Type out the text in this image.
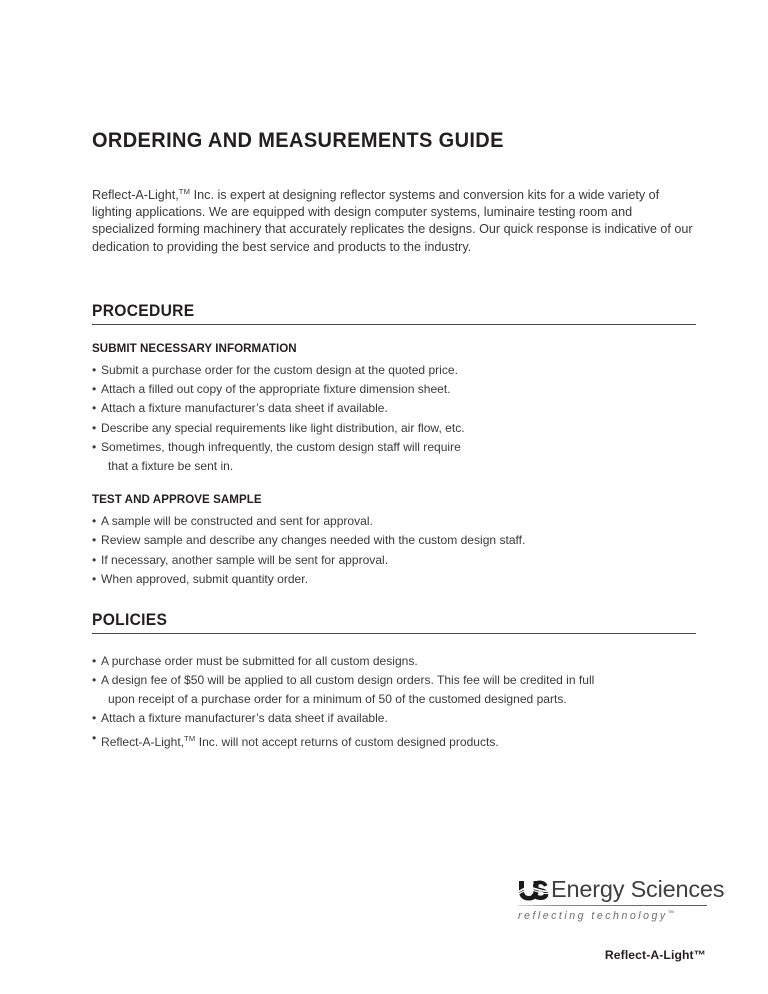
ORDERING AND MEASUREMENTS GUIDE

Reflect-A-Light,™ Inc. is expert at designing reflector systems and conversion kits for a wide variety of lighting applications. We are equipped with design computer systems, luminaire testing room and specialized forming machinery that accurately replicates the designs. Our quick response is indicative of our dedication to providing the best service and products to the industry.

PROCEDURE
SUBMIT NECESSARY INFORMATION
• Submit a purchase order for the custom design at the quoted price.
• Attach a filled out copy of the appropriate fixture dimension sheet.
• Attach a fixture manufacturer’s data sheet if available.
• Describe any special requirements like light distribution, air flow, etc.
• Sometimes, though infrequently, the custom design staff will require
that a fixture be sent in.
TEST AND APPROVE SAMPLE
• A sample will be constructed and sent for approval.
• Review sample and describe any changes needed with the custom design staff.
• If necessary, another sample will be sent for approval.
• When approved, submit quantity order.
POLICIES
• A purchase order must be submitted for all custom designs.
• A design fee of $50 will be applied to all custom design orders. This fee will be credited in full
upon receipt of a purchase order for a minimum of 50 of the customed designed parts.
• Attach a fixture manufacturer’s data sheet if available.
• Reflect-A-Light,™ Inc. will not accept returns of custom designed products.
Energy Sciences
reflecting technology™
Reflect-A-Light™
